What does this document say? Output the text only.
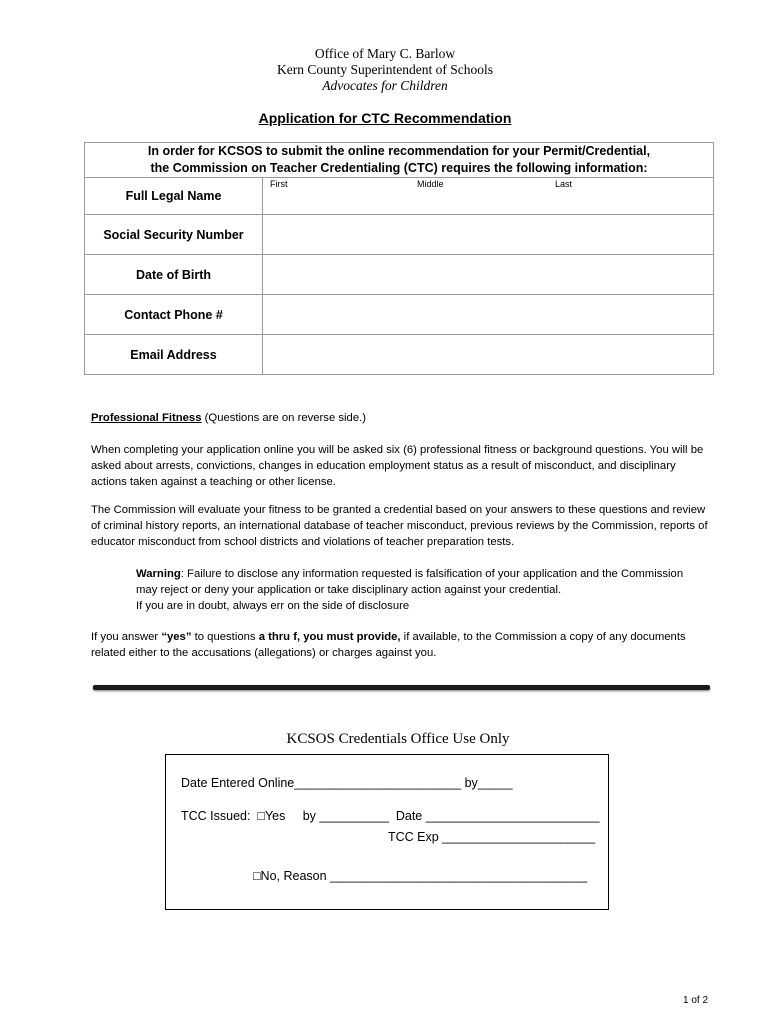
Office of Mary C. Barlow
Kern County Superintendent of Schools
Advocates for Children
Application for CTC Recommendation
In order for KCSOS to submit the online recommendation for your Permit/Credential,
the Commission on Teacher Credentialing (CTC) requires the following information:	

Full Legal Name	First Middle Last

Social Security Number	
Date of Birth	
Contact Phone #	
Email Address	
Professional Fitness (Questions are on reverse side.)
When completing your application online you will be asked six (6) professional fitness or background questions. You will be asked about arrests, convictions, changes in education employment status as a result of misconduct, and disciplinary actions taken against a teaching or other license.
The Commission will evaluate your fitness to be granted a credential based on your answers to these questions and review of criminal history reports, an international database of teacher misconduct, previous reviews by the Commission, reports of educator misconduct from school districts and violations of teacher preparation tests.
Warning: Failure to disclose any information requested is falsification of your application and the Commission may reject or deny your application or take disciplinary action against your credential.
If you are in doubt, always err on the side of disclosure
If you answer “yes” to questions a thru f, you must provide, if available, to the Commission a copy of any documents related either to the accusations (allegations) or charges against you.
KCSOS Credentials Office Use Only
Date Entered Online________________________ by_____
TCC Issued:  □Yes     by __________  Date _________________________
TCC Exp ______________________
□No, Reason _____________________________________
1 of 2
